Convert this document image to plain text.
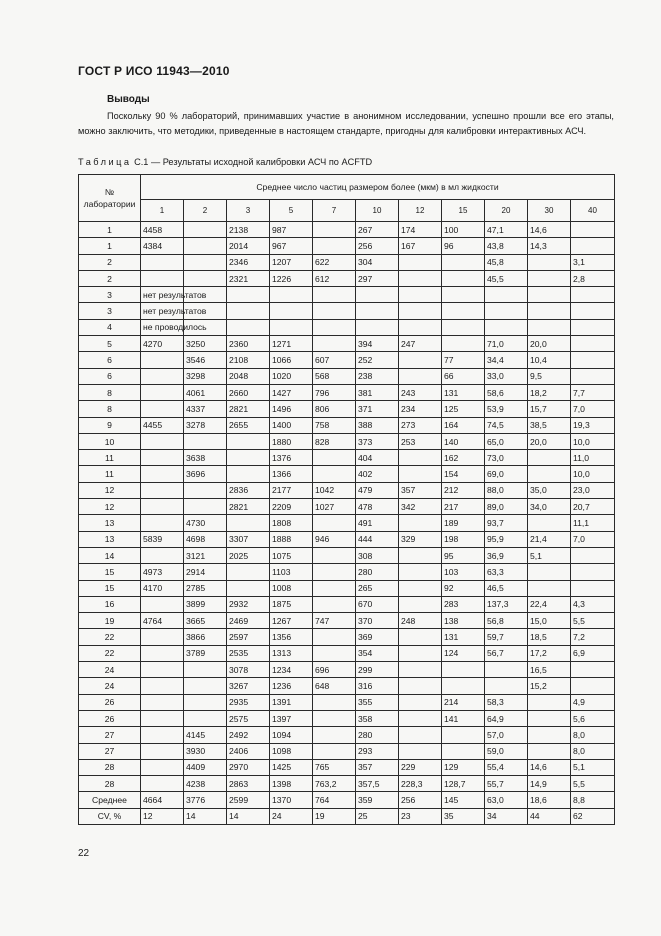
ГОСТ Р ИСО 11943—2010
Выводы
Поскольку 90 % лабораторий, принимавших участие в анонимном исследовании, успешно прошли все его этапы, можно заключить, что методики, приведенные в настоящем стандарте, пригодны для калибровки интерактивных АСЧ.
Таблица С.1 — Результаты исходной калибровки АСЧ по ACFTD
№ лаборатории	Среднее число частиц размером более (мкм) в мл жидкости										
	1	2	3	5	7	10	12	15	20	30	40
1	4458		2138	987		267	174	100	47,1	14,6	
1	4384		2014	967		256	167	96	43,8	14,3	
2			2346	1207	622	304			45,8		3,1
2			2321	1226	612	297			45,5		2,8
3	нет результатов										
3	нет результатов										
4	не проводилось										
5	4270	3250	2360	1271		394	247		71,0	20,0	
6		3546	2108	1066	607	252		77	34,4	10,4	
6		3298	2048	1020	568	238		66	33,0	9,5	
8		4061	2660	1427	796	381	243	131	58,6	18,2	7,7
8		4337	2821	1496	806	371	234	125	53,9	15,7	7,0
9	4455	3278	2655	1400	758	388	273	164	74,5	38,5	19,3
10				1880	828	373	253	140	65,0	20,0	10,0
11		3638		1376		404		162	73,0		11,0
11		3696		1366		402		154	69,0		10,0
12			2836	2177	1042	479	357	212	88,0	35,0	23,0
12			2821	2209	1027	478	342	217	89,0	34,0	20,7
13		4730		1808		491		189	93,7		11,1
13	5839	4698	3307	1888	946	444	329	198	95,9	21,4	7,0
14		3121	2025	1075		308		95	36,9	5,1	
15	4973	2914		1103		280		103	63,3		
15	4170	2785		1008		265		92	46,5		
16		3899	2932	1875		670		283	137,3	22,4	4,3
19	4764	3665	2469	1267	747	370	248	138	56,8	15,0	5,5
22		3866	2597	1356		369		131	59,7	18,5	7,2
22		3789	2535	1313		354		124	56,7	17,2	6,9
24			3078	1234	696	299				16,5	
24			3267	1236	648	316				15,2	
26			2935	1391		355		214	58,3		4,9
26			2575	1397		358		141	64,9		5,6
27		4145	2492	1094		280			57,0		8,0
27		3930	2406	1098		293			59,0		8,0
28		4409	2970	1425	765	357	229	129	55,4	14,6	5,1
28		4238	2863	1398	763,2	357,5	228,3	128,7	55,7	14,9	5,5
Среднее	4664	3776	2599	1370	764	359	256	145	63,0	18,6	8,8
CV, %	12	14	14	24	19	25	23	35	34	44	62
22
